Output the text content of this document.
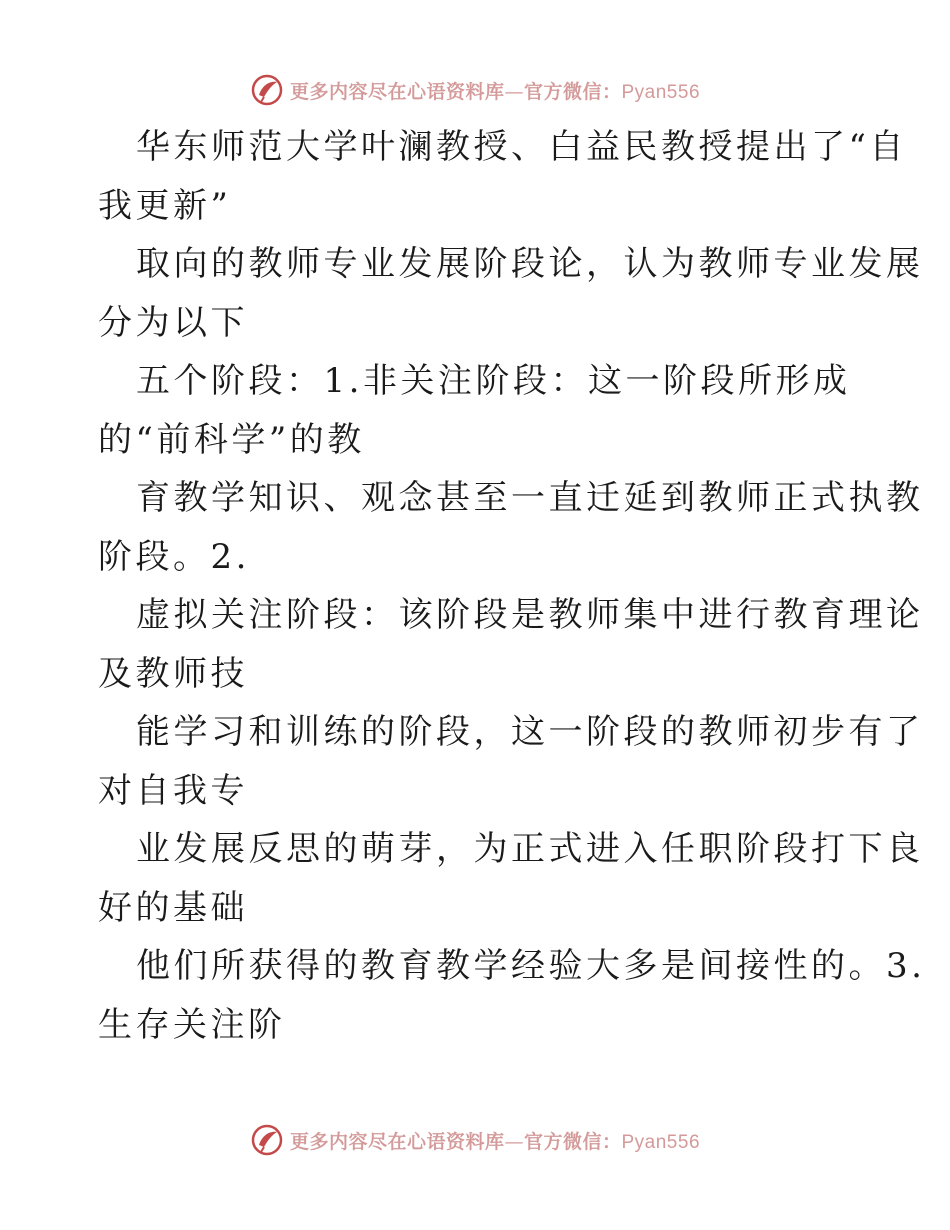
更多内容尽在心语资料库—官方微信：Pyan556
华东师范大学叶澜教授、白益民教授提出了“自
我更新”
取向的教师专业发展阶段论，认为教师专业发展
分为以下
五个阶段：1.非关注阶段：这一阶段所形成
的“前科学”的教
育教学知识、观念甚至一直迁延到教师正式执教
阶段。2.
虚拟关注阶段：该阶段是教师集中进行教育理论
及教师技
能学习和训练的阶段，这一阶段的教师初步有了
对自我专
业发展反思的萌芽，为正式进入任职阶段打下良
好的基础
他们所获得的教育教学经验大多是间接性的。3.
生存关注阶
更多内容尽在心语资料库—官方微信：Pyan556
